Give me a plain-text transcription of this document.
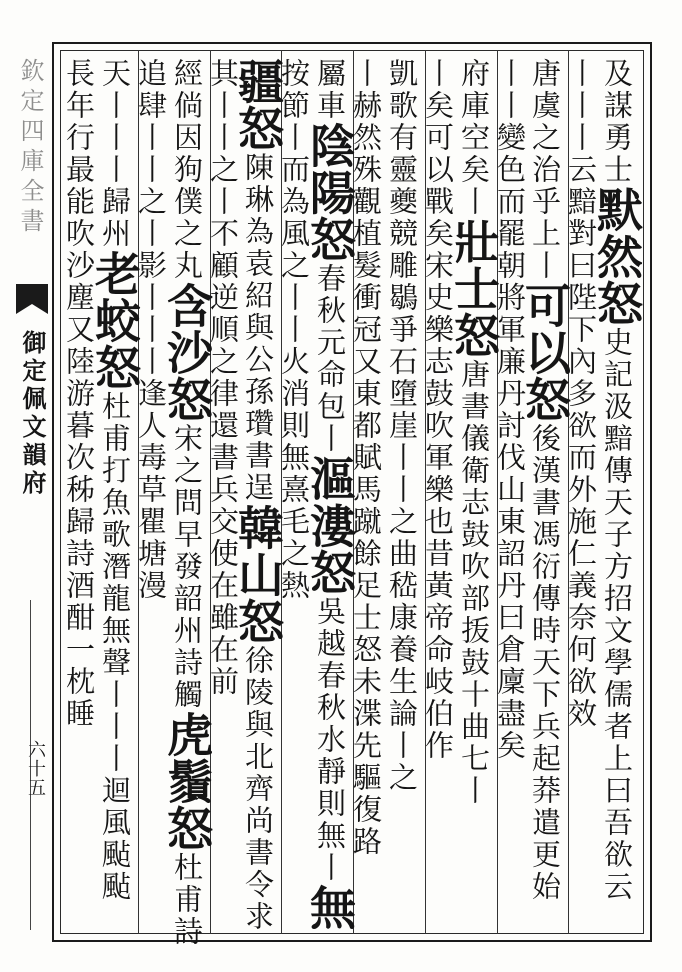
欽定四庫全書
御定佩文韻府
六十五
及謀勇士默然怒史記汲黯傳天子方招文學儒者上曰吾欲云
丨丨丨云黯對曰陛下內多欲而外施仁義奈何欲效
唐虞之治乎上丨可以怒後漢書馮衍傳時天下兵起莽遣更始
丨丨變色而罷朝將軍廉丹討伐山東詔丹曰倉廩盡矣
府庫空矣丨壯士怒唐書儀衛志鼓吹部㧞鼓十曲七丨
丨矣可以戰矣宋史樂志鼓吹軍樂也昔黃帝命岐伯作
凱歌有靈夔競雕鶡爭石墮崖丨丨之曲嵇康養生論丨之
丨赫然殊觀植髮衝冠又東都賦馬蹴餘足士怒未渫先驅復路
屬車陰陽怒春秋元命包丨漚漊怒吳越春秋水靜則無丨無
按節丨而為風之丨丨火消則無熹毛之熱
疆怒陳琳為袁紹與公孫瓚書逞韓山怒徐陵與北齊尚書令求
其丨丨之丨不顧逆順之律還書兵交使在雖在前
經倘因狗僕之丸含沙怒宋之問早發韶州詩觸虎鬚怒杜甫詩
追肆丨丨之丨影丨丨丨逢人毒草瞿塘漫
天丨丨丨歸州老蛟怒杜甫打魚歌潛龍無聲丨丨丨迴風颭颭
長年行最能吹沙塵又陸游暮次秭歸詩酒酣一枕睡
